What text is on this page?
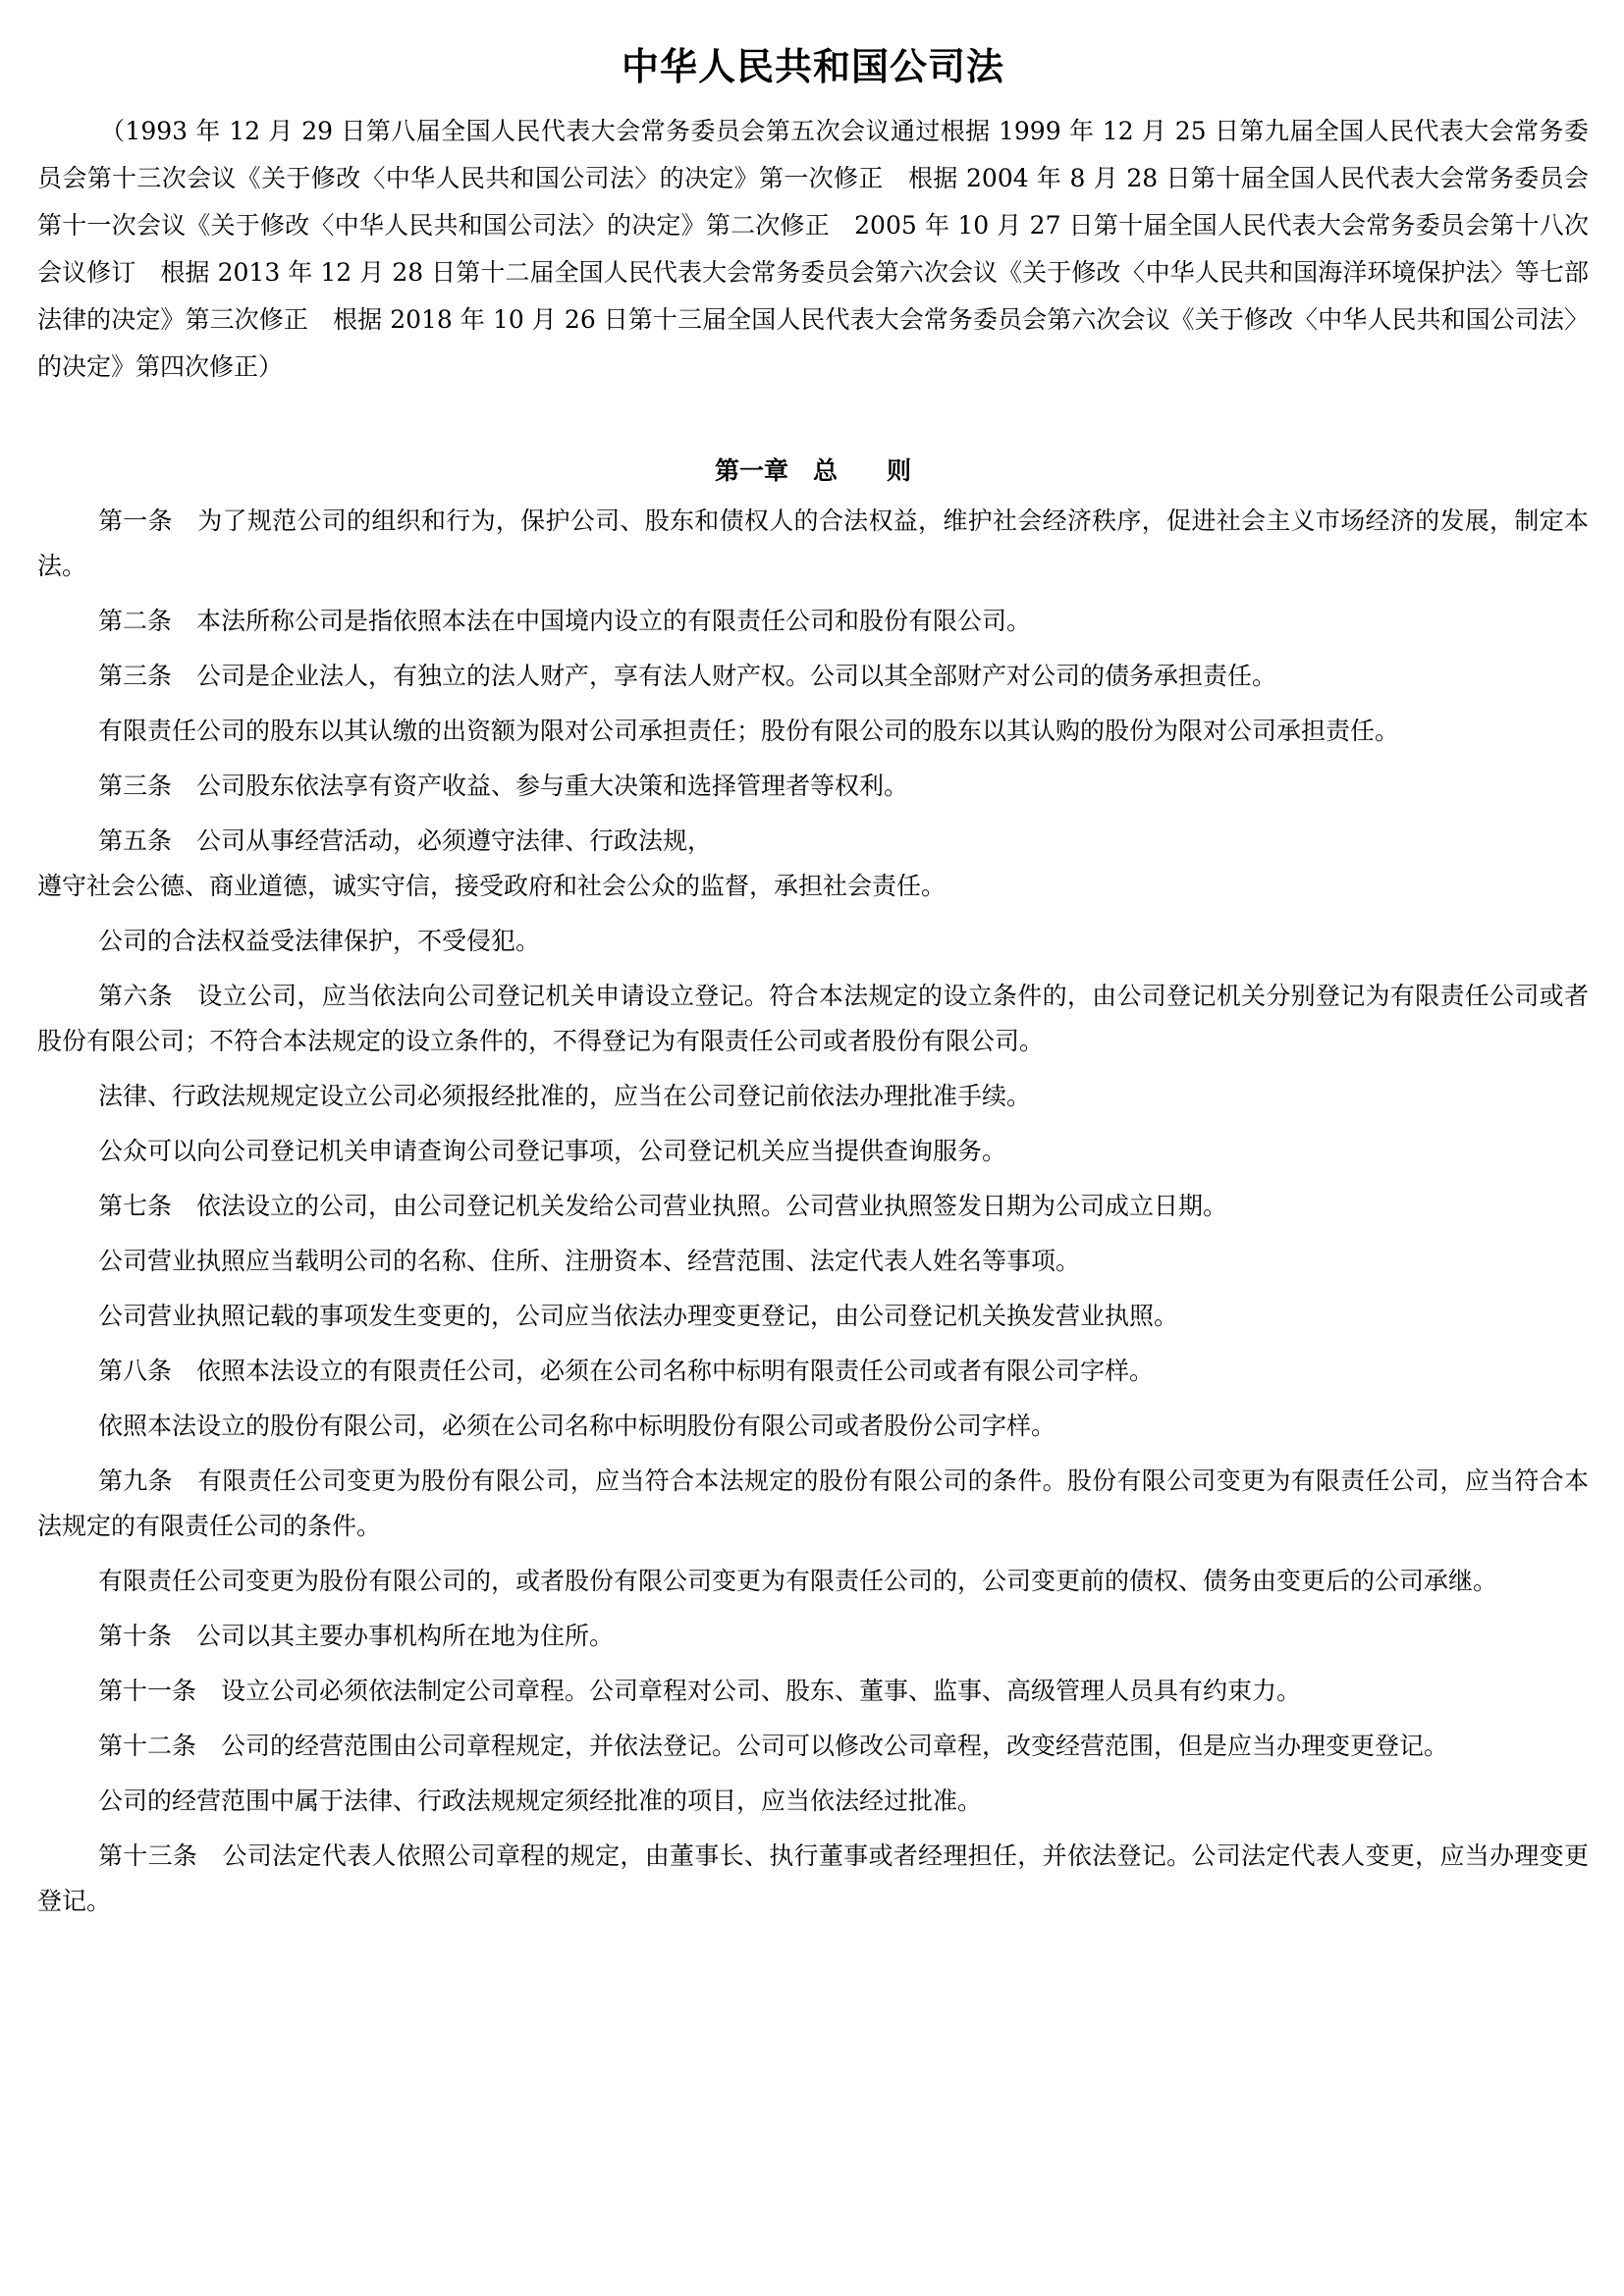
中华人民共和国公司法

（1993 年 12 月 29 日第八届全国人民代表大会常务委员会第五次会议通过根据 1999 年 12 月 25 日第九届全国人民代表大会常务委员会第十三次会议《关于修改〈中华人民共和国公司法〉的决定》第一次修正　根据 2004 年 8 月 28 日第十届全国人民代表大会常务委员会第十一次会议《关于修改〈中华人民共和国公司法〉的决定》第二次修正　2005 年 10 月 27 日第十届全国人民代表大会常务委员会第十八次会议修订　根据 2013 年 12 月 28 日第十二届全国人民代表大会常务委员会第六次会议《关于修改〈中华人民共和国海洋环境保护法〉等七部法律的决定》第三次修正　根据 2018 年 10 月 26 日第十三届全国人民代表大会常务委员会第六次会议《关于修改〈中华人民共和国公司法〉的决定》第四次修正）

第一章　总　　则

第一条　为了规范公司的组织和行为，保护公司、股东和债权人的合法权益，维护社会经济秩序，促进社会主义市场经济的发展，制定本法。

第二条　本法所称公司是指依照本法在中国境内设立的有限责任公司和股份有限公司。

第三条　公司是企业法人，有独立的法人财产，享有法人财产权。公司以其全部财产对公司的债务承担责任。

有限责任公司的股东以其认缴的出资额为限对公司承担责任；股份有限公司的股东以其认购的股份为限对公司承担责任。

第三条　公司股东依法享有资产收益、参与重大决策和选择管理者等权利。

第五条　公司从事经营活动，必须遵守法律、行政法规，

遵守社会公德、商业道德，诚实守信，接受政府和社会公众的监督，承担社会责任。

公司的合法权益受法律保护，不受侵犯。

第六条　设立公司，应当依法向公司登记机关申请设立登记。符合本法规定的设立条件的，由公司登记机关分别登记为有限责任公司或者股份有限公司；不符合本法规定的设立条件的，不得登记为有限责任公司或者股份有限公司。

法律、行政法规规定设立公司必须报经批准的，应当在公司登记前依法办理批准手续。

公众可以向公司登记机关申请查询公司登记事项，公司登记机关应当提供查询服务。

第七条　依法设立的公司，由公司登记机关发给公司营业执照。公司营业执照签发日期为公司成立日期。

公司营业执照应当载明公司的名称、住所、注册资本、经营范围、法定代表人姓名等事项。

公司营业执照记载的事项发生变更的，公司应当依法办理变更登记，由公司登记机关换发营业执照。

第八条　依照本法设立的有限责任公司，必须在公司名称中标明有限责任公司或者有限公司字样。

依照本法设立的股份有限公司，必须在公司名称中标明股份有限公司或者股份公司字样。

第九条　有限责任公司变更为股份有限公司，应当符合本法规定的股份有限公司的条件。股份有限公司变更为有限责任公司，应当符合本法规定的有限责任公司的条件。

有限责任公司变更为股份有限公司的，或者股份有限公司变更为有限责任公司的，公司变更前的债权、债务由变更后的公司承继。

第十条　公司以其主要办事机构所在地为住所。

第十一条　设立公司必须依法制定公司章程。公司章程对公司、股东、董事、监事、高级管理人员具有约束力。

第十二条　公司的经营范围由公司章程规定，并依法登记。公司可以修改公司章程，改变经营范围，但是应当办理变更登记。

公司的经营范围中属于法律、行政法规规定须经批准的项目，应当依法经过批准。

第十三条　公司法定代表人依照公司章程的规定，由董事长、执行董事或者经理担任，并依法登记。公司法定代表人变更，应当办理变更登记。
